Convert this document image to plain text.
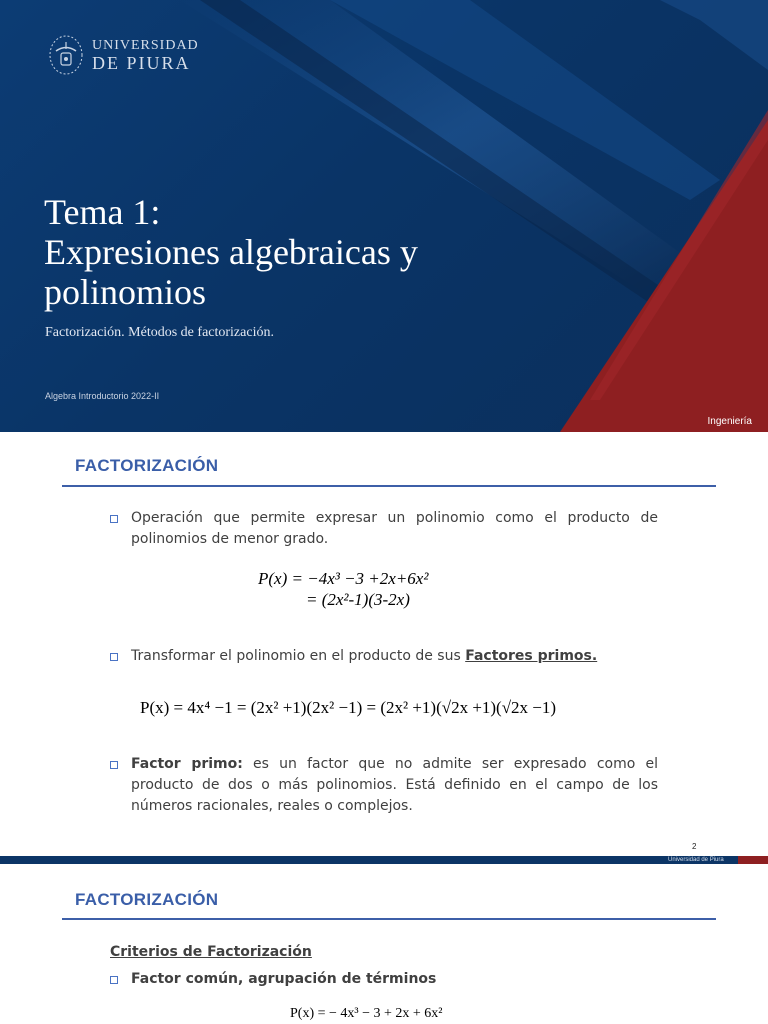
UNIVERSIDAD
DE PIURA
Tema 1:
Expresiones algebraicas y
polinomios
Factorización. Métodos de factorización.
Algebra Introductorio 2022-II
Ingeniería
FACTORIZACIÓN
Operación que permite expresar un polinomio como el producto de polinomios de menor grado.
P(x) = −4x³ −3 +2x+6x²
= (2x²-1)(3-2x)
Transformar el polinomio en el producto de sus Factores primos.
P(x) = 4x⁴ −1 = (2x² +1)(2x² −1) = (2x² +1)(√2x +1)(√2x −1)
Factor primo: es un factor que no admite ser expresado como el producto de dos o más polinomios. Está definido en el campo de los números racionales, reales o complejos.
2
Universidad de Piura
FACTORIZACIÓN
Criterios de Factorización
Factor común, agrupación de términos
P(x) = − 4x³ − 3 + 2x + 6x²
